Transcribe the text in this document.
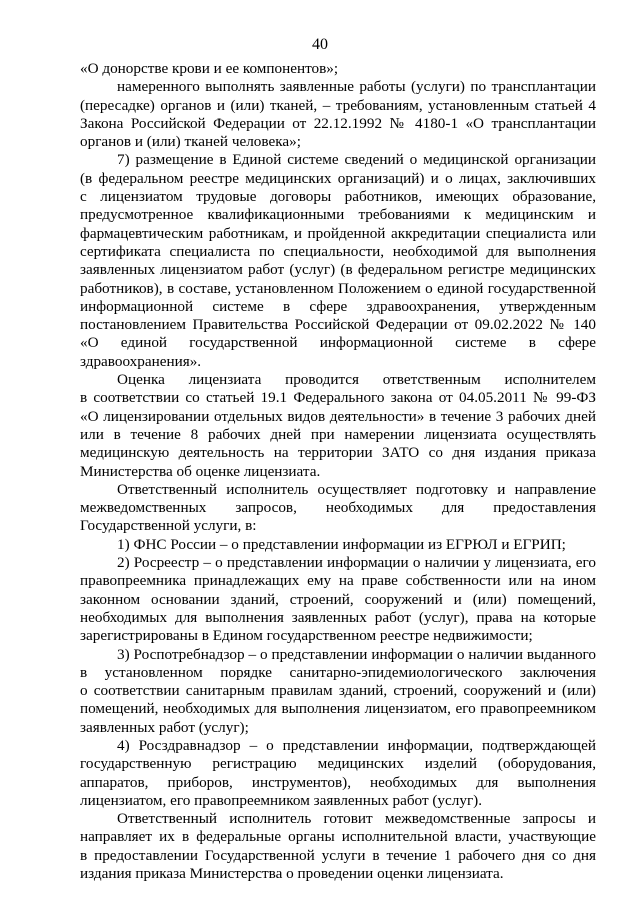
40
«О донорстве крови и ее компонентов»;
намеренного выполнять заявленные работы (услуги) по трансплантации
(пересадке) органов и (или) тканей, – требованиям, установленным статьей 4
Закона Российской Федерации от 22.12.1992 № 4180-1 «О трансплантации
органов и (или) тканей человека»;
7) размещение в Единой системе сведений о медицинской организации
(в федеральном реестре медицинских организаций) и о лицах, заключивших
с лицензиатом трудовые договоры работников, имеющих образование,
предусмотренное квалификационными требованиями к медицинским и
фармацевтическим работникам, и пройденной аккредитации специалиста или
сертификата специалиста по специальности, необходимой для выполнения
заявленных лицензиатом работ (услуг) (в федеральном регистре медицинских
работников), в составе, установленном Положением о единой государственной
информационной системе в сфере здравоохранения, утвержденным
постановлением Правительства Российской Федерации от 09.02.2022 № 140
«О единой государственной информационной системе в сфере
здравоохранения».
Оценка лицензиата проводится ответственным исполнителем
в соответствии со статьей 19.1 Федерального закона от 04.05.2011 № 99-ФЗ
«О лицензировании отдельных видов деятельности» в течение 3 рабочих дней
или в течение 8 рабочих дней при намерении лицензиата осуществлять
медицинскую деятельность на территории ЗАТО со дня издания приказа
Министерства об оценке лицензиата.
Ответственный исполнитель осуществляет подготовку и направление
межведомственных запросов, необходимых для предоставления
Государственной услуги, в:
1) ФНС России – о представлении информации из ЕГРЮЛ и ЕГРИП;
2) Росреестр – о представлении информации о наличии у лицензиата, его
правопреемника принадлежащих ему на праве собственности или на ином
законном основании зданий, строений, сооружений и (или) помещений,
необходимых для выполнения заявленных работ (услуг), права на которые
зарегистрированы в Едином государственном реестре недвижимости;
3) Роспотребнадзор – о представлении информации о наличии выданного
в установленном порядке санитарно-эпидемиологического заключения
о соответствии санитарным правилам зданий, строений, сооружений и (или)
помещений, необходимых для выполнения лицензиатом, его правопреемником
заявленных работ (услуг);
4) Росздравнадзор – о представлении информации, подтверждающей
государственную регистрацию медицинских изделий (оборудования,
аппаратов, приборов, инструментов), необходимых для выполнения
лицензиатом, его правопреемником заявленных работ (услуг).
Ответственный исполнитель готовит межведомственные запросы и
направляет их в федеральные органы исполнительной власти, участвующие
в предоставлении Государственной услуги в течение 1 рабочего дня со дня
издания приказа Министерства о проведении оценки лицензиата.
